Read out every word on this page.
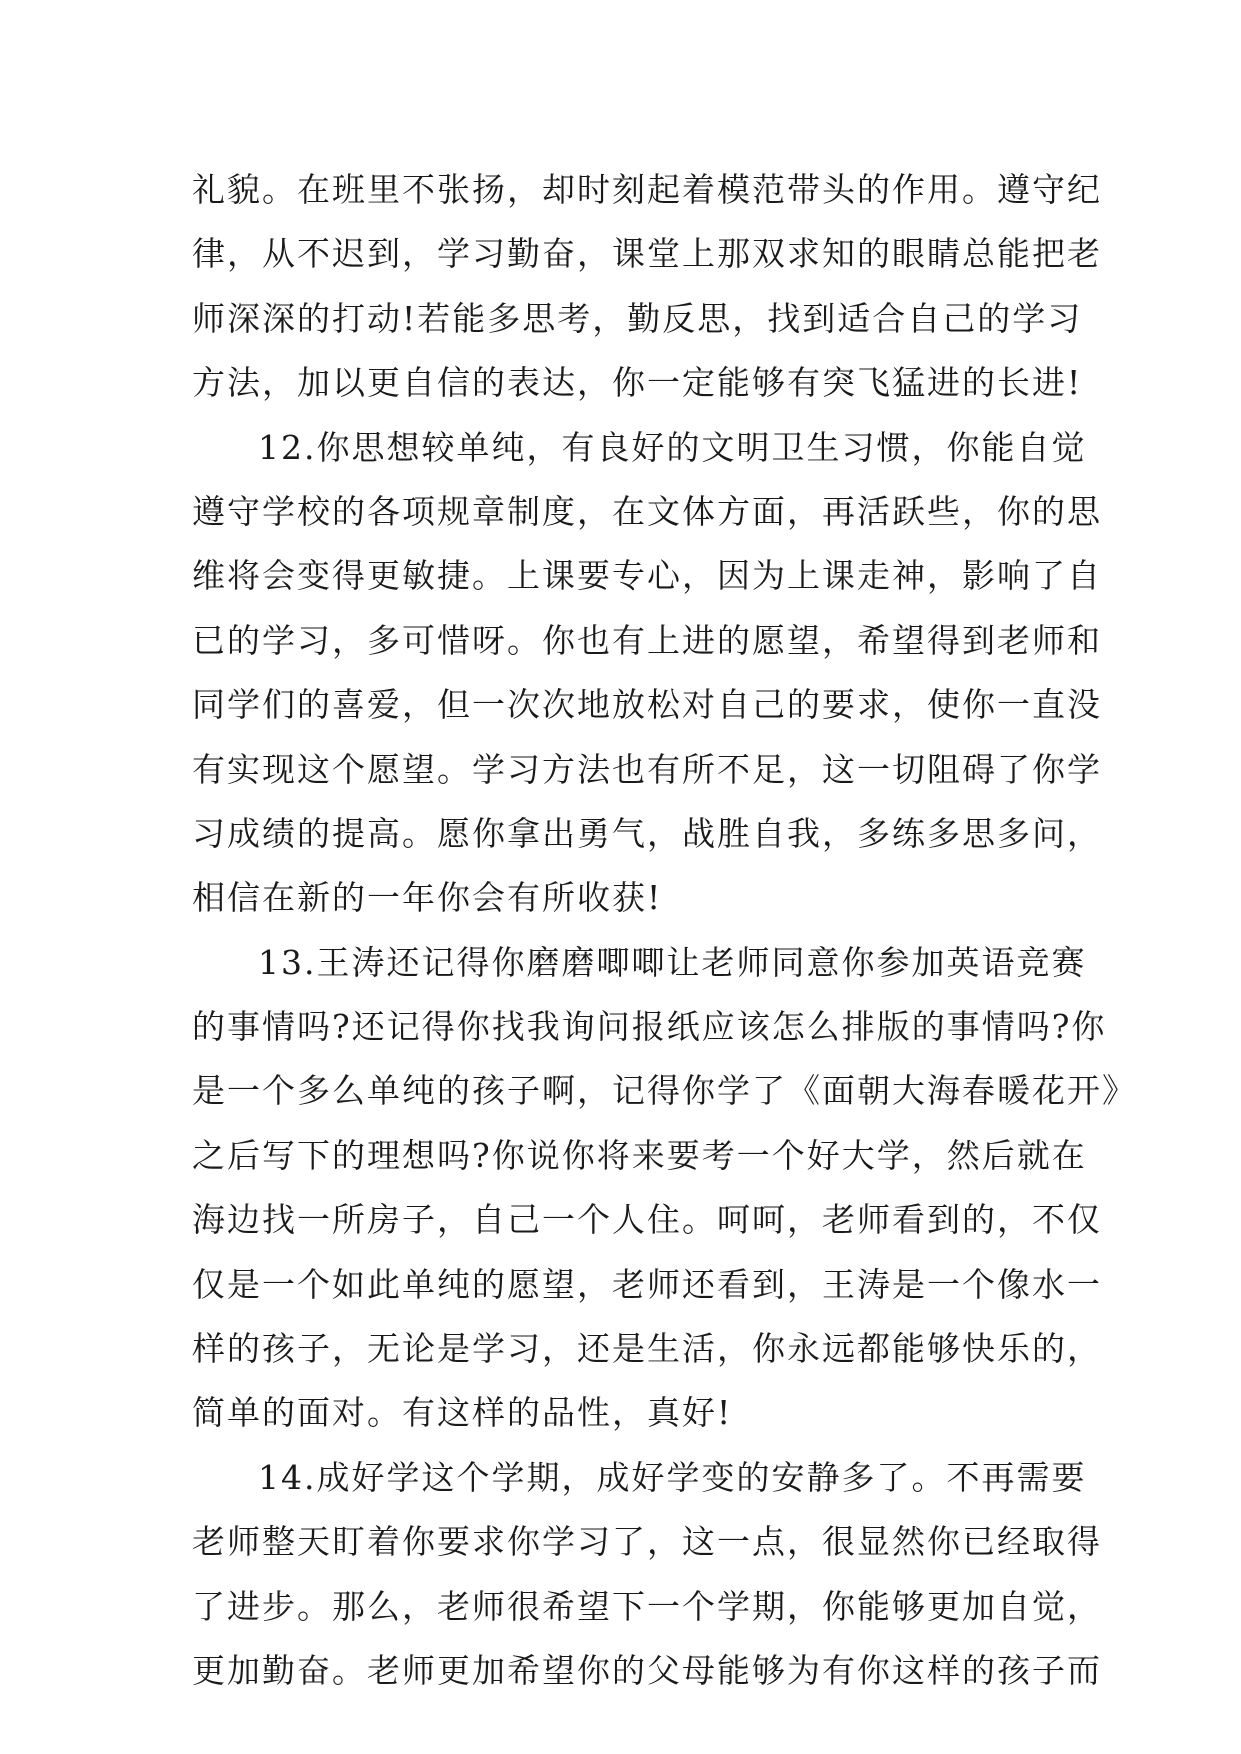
礼貌。在班里不张扬，却时刻起着模范带头的作用。遵守纪
律，从不迟到，学习勤奋，课堂上那双求知的眼睛总能把老
师深深的打动!若能多思考，勤反思，找到适合自己的学习
方法，加以更自信的表达，你一定能够有突飞猛进的长进!
12.你思想较单纯，有良好的文明卫生习惯，你能自觉
遵守学校的各项规章制度，在文体方面，再活跃些，你的思
维将会变得更敏捷。上课要专心，因为上课走神，影响了自
已的学习，多可惜呀。你也有上进的愿望，希望得到老师和
同学们的喜爱，但一次次地放松对自己的要求，使你一直没
有实现这个愿望。学习方法也有所不足，这一切阻碍了你学
习成绩的提高。愿你拿出勇气，战胜自我，多练多思多问，
相信在新的一年你会有所收获!
13.王涛还记得你磨磨唧唧让老师同意你参加英语竞赛
的事情吗?还记得你找我询问报纸应该怎么排版的事情吗?你
是一个多么单纯的孩子啊，记得你学了《面朝大海春暖花开》
之后写下的理想吗?你说你将来要考一个好大学，然后就在
海边找一所房子，自己一个人住。呵呵，老师看到的，不仅
仅是一个如此单纯的愿望，老师还看到，王涛是一个像水一
样的孩子，无论是学习，还是生活，你永远都能够快乐的，
简单的面对。有这样的品性，真好!
14.成好学这个学期，成好学变的安静多了。不再需要
老师整天盯着你要求你学习了，这一点，很显然你已经取得
了进步。那么，老师很希望下一个学期，你能够更加自觉，
更加勤奋。老师更加希望你的父母能够为有你这样的孩子而
